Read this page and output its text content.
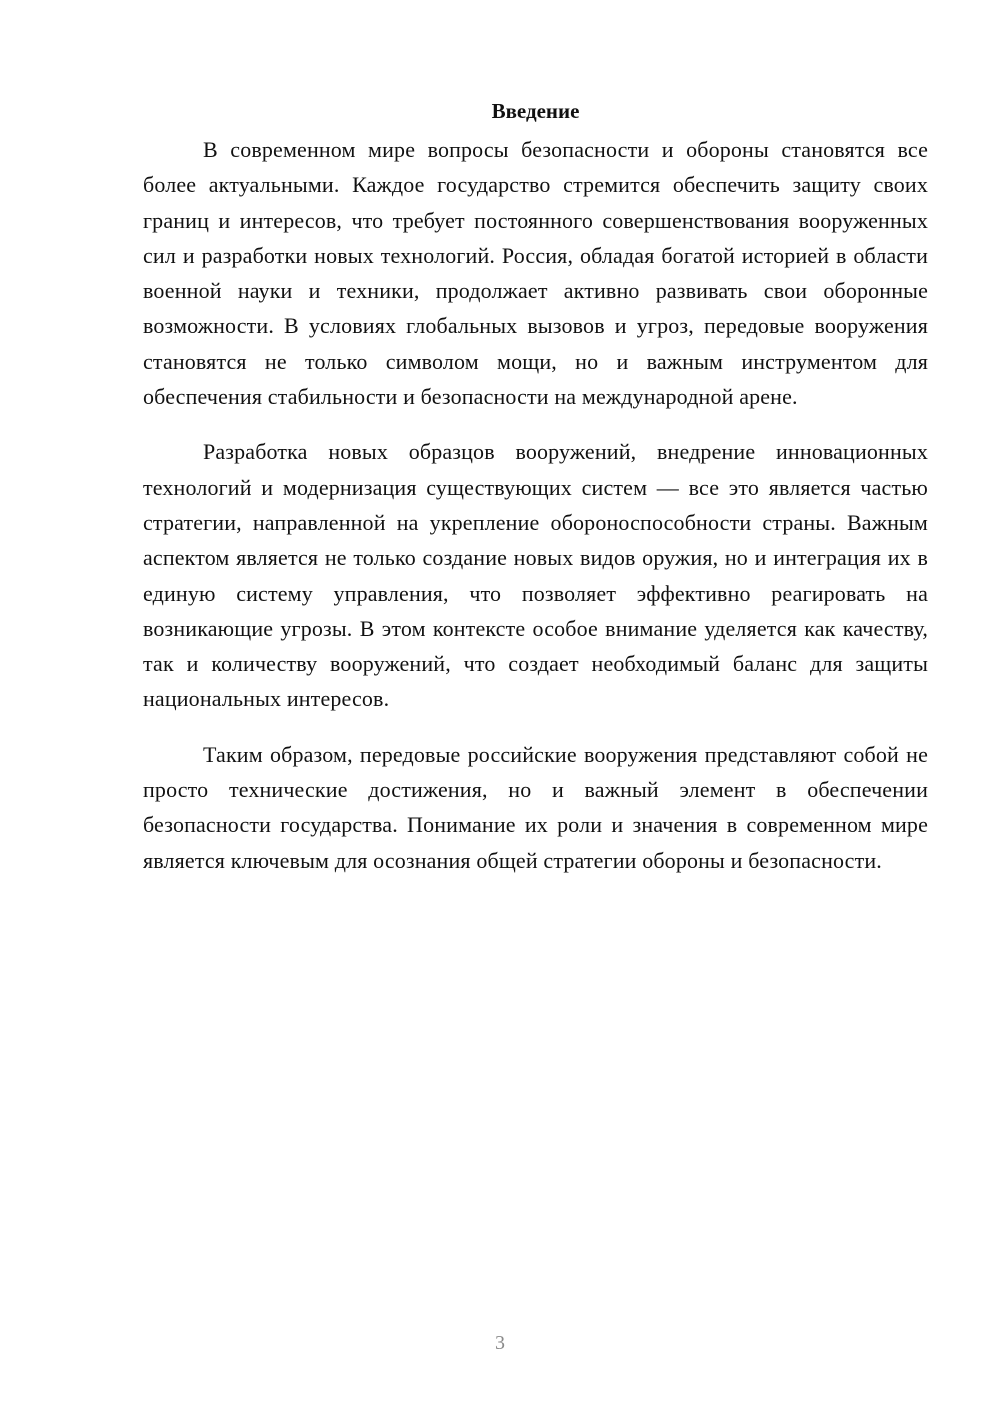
Введение

В современном мире вопросы безопасности и обороны становятся все более актуальными. Каждое государство стремится обеспечить защиту своих границ и интересов, что требует постоянного совершенствования вооруженных сил и разработки новых технологий. Россия, обладая богатой историей в области военной науки и техники, продолжает активно развивать свои оборонные возможности. В условиях глобальных вызовов и угроз, передовые вооружения становятся не только символом мощи, но и важным инструментом для обеспечения стабильности и безопасности на международной арене.

Разработка новых образцов вооружений, внедрение инновационных технологий и модернизация существующих систем — все это является частью стратегии, направленной на укрепление обороноспособности страны. Важным аспектом является не только создание новых видов оружия, но и интеграция их в единую систему управления, что позволяет эффективно реагировать на возникающие угрозы. В этом контексте особое внимание уделяется как качеству, так и количеству вооружений, что создает необходимый баланс для защиты национальных интересов.

Таким образом, передовые российские вооружения представляют собой не просто технические достижения, но и важный элемент в обеспечении безопасности государства. Понимание их роли и значения в современном мире является ключевым для осознания общей стратегии обороны и безопасности.

3
